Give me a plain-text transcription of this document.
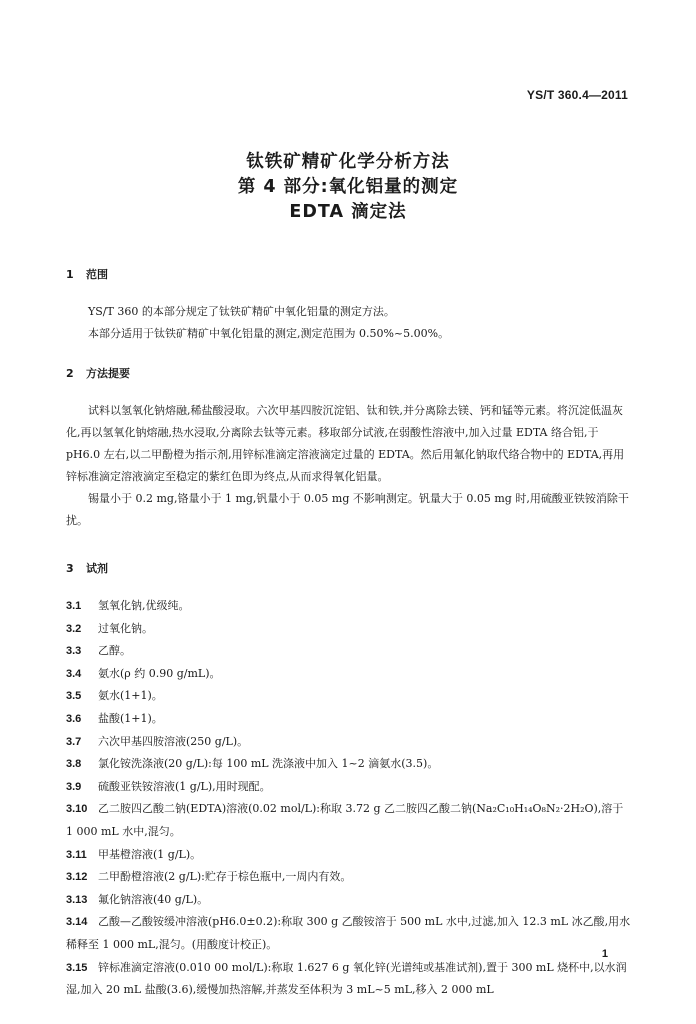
YS/T 360.4—2011
钛铁矿精矿化学分析方法
第 4 部分:氧化铝量的测定
EDTA 滴定法
1 范围

YS/T 360 的本部分规定了钛铁矿精矿中氧化铝量的测定方法。

本部分适用于钛铁矿精矿中氧化铝量的测定,测定范围为 0.50%~5.00%。

2 方法提要

试料以氢氧化钠熔融,稀盐酸浸取。六次甲基四胺沉淀铝、钛和铁,并分离除去镁、钙和锰等元素。将沉淀低温灰化,再以氢氧化钠熔融,热水浸取,分离除去钛等元素。移取部分试液,在弱酸性溶液中,加入过量 EDTA 络合铝,于 pH6.0 左右,以二甲酚橙为指示剂,用锌标准滴定溶液滴定过量的 EDTA。然后用氟化钠取代络合物中的 EDTA,再用锌标准滴定溶液滴定至稳定的紫红色即为终点,从而求得氧化铝量。

锡量小于 0.2 mg,铬量小于 1 mg,钒量小于 0.05 mg 不影响测定。钒量大于 0.05 mg 时,用硫酸亚铁铵消除干扰。

3 试剂
3.1	氢氧化钠,优级纯。
3.2	过氧化钠。
3.3	乙醇。
3.4	氨水(ρ 约 0.90 g/mL)。
3.5	氨水(1+1)。
3.6	盐酸(1+1)。
3.7	六次甲基四胺溶液(250 g/L)。
3.8	氯化铵洗涤液(20 g/L):每 100 mL 洗涤液中加入 1~2 滴氨水(3.5)。
3.9	硫酸亚铁铵溶液(1 g/L),用时现配。
3.10 乙二胺四乙酸二钠(EDTA)溶液(0.02 mol/L):称取 3.72 g 乙二胺四乙酸二钠(Na₂C₁₀H₁₄O₈N₂·2H₂O),溶于 1 000 mL 水中,混匀。
3.11	甲基橙溶液(1 g/L)。
3.12 二甲酚橙溶液(2 g/L):贮存于棕色瓶中,一周内有效。
3.13 氟化钠溶液(40 g/L)。
3.14 乙酸—乙酸铵缓冲溶液(pH6.0±0.2):称取 300 g 乙酸铵溶于 500 mL 水中,过滤,加入 12.3 mL 冰乙酸,用水稀释至 1 000 mL,混匀。(用酸度计校正)。
3.15 锌标准滴定溶液(0.010 00 mol/L):称取 1.627 6 g 氧化锌(光谱纯或基准试剂),置于 300 mL 烧杯中,以水润湿,加入 20 mL 盐酸(3.6),缓慢加热溶解,并蒸发至体积为 3 mL~5 mL,移入 2 000 mL
1
